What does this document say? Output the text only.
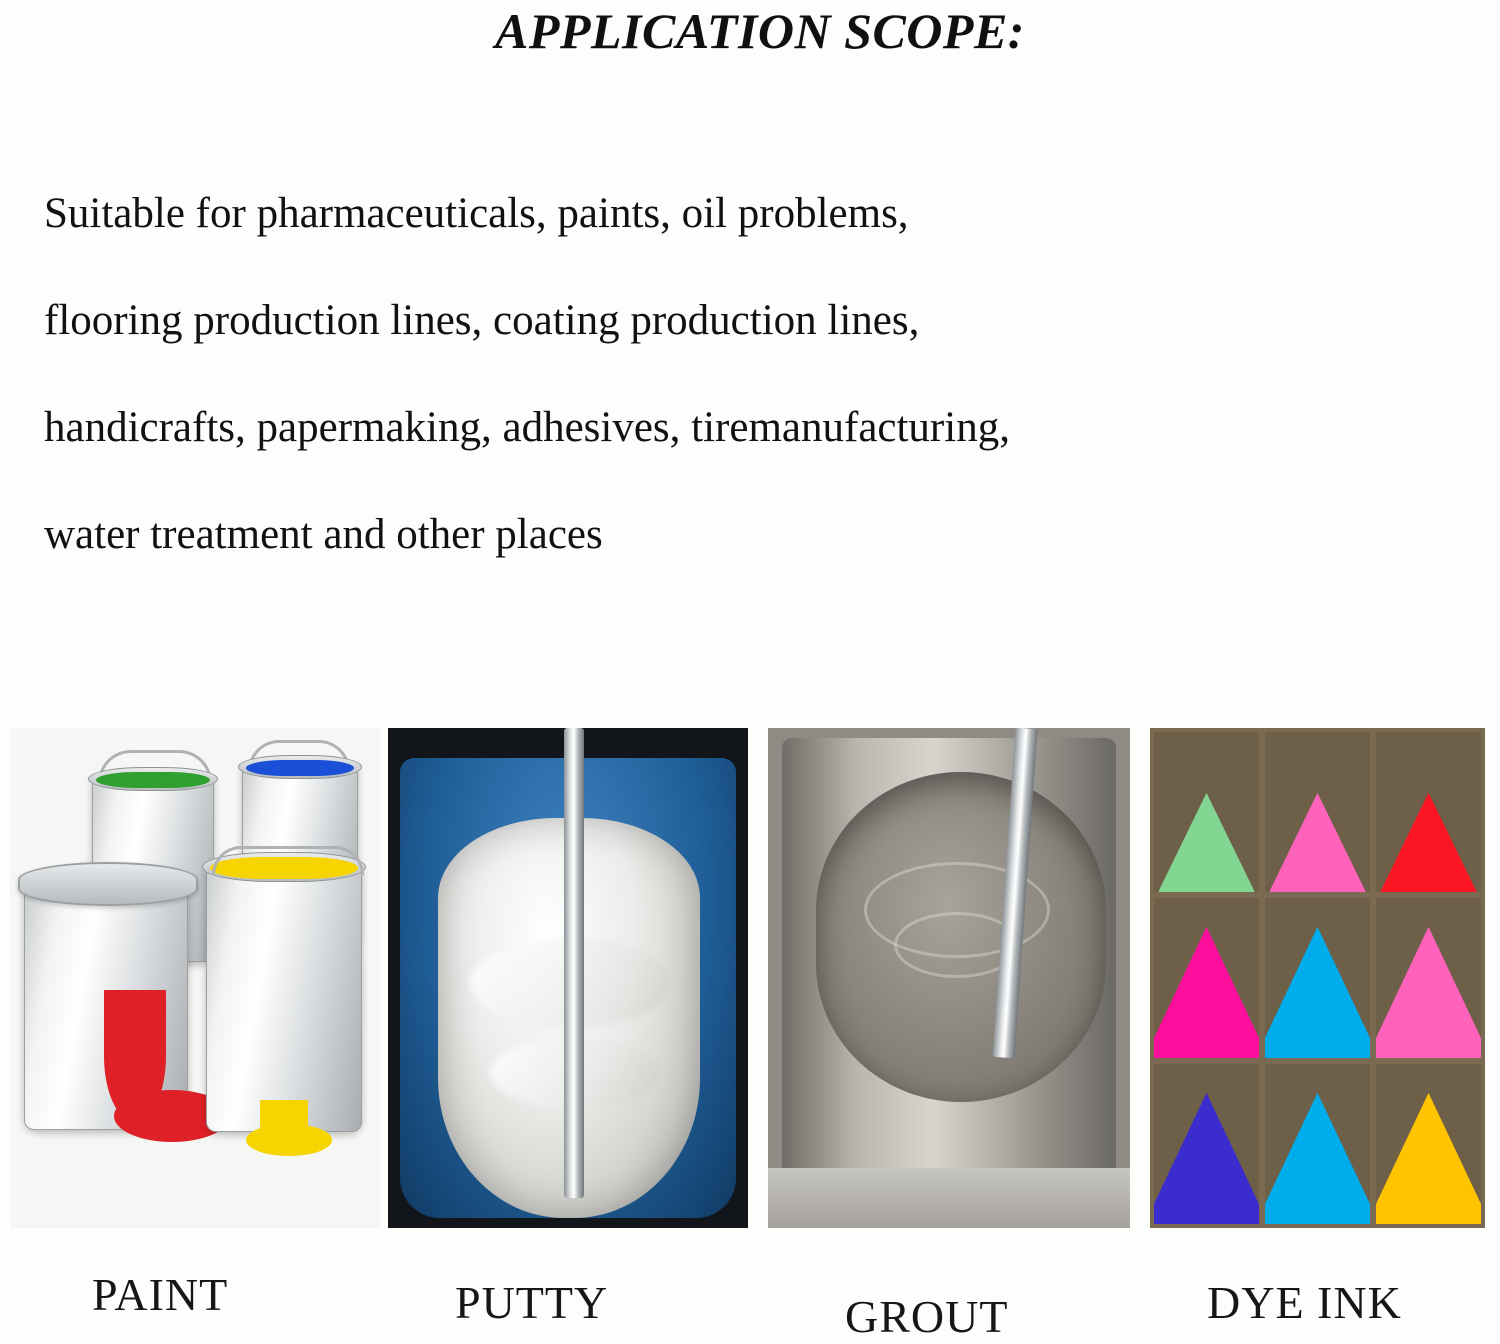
APPLICATION SCOPE:
Suitable for pharmaceuticals, paints, oil problems,
flooring production lines, coating production lines,
handicrafts, papermaking, adhesives, tiremanufacturing,
water treatment and other places
PAINT	PUTTY	GROUT	DYE INK
